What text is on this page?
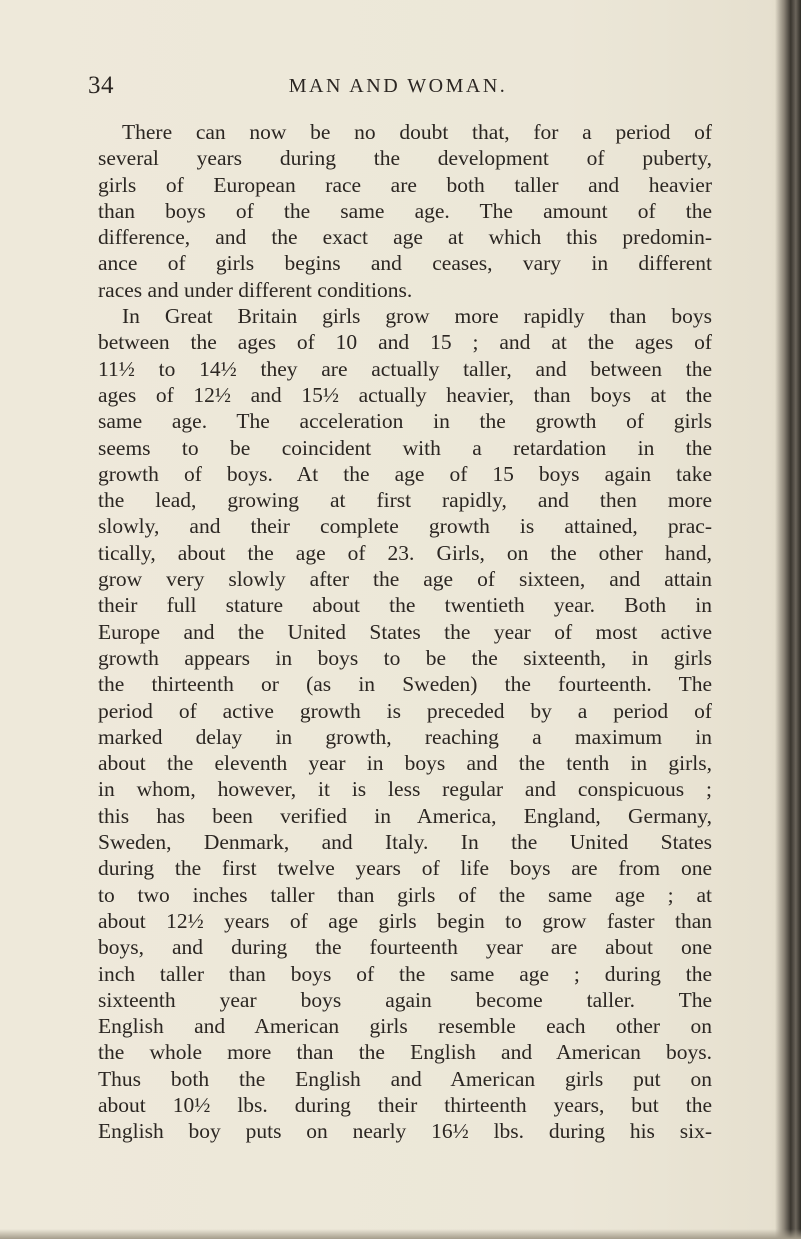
34	MAN AND WOMAN.
There can now be no doubt that, for a period of
several years during the development of puberty,
girls of European race are both taller and heavier
than boys of the same age. The amount of the
difference, and the exact age at which this predomin-
ance of girls begins and ceases, vary in different
races and under different conditions.
In Great Britain girls grow more rapidly than boys
between the ages of 10 and 15 ; and at the ages of
11½ to 14½ they are actually taller, and between the
ages of 12½ and 15½ actually heavier, than boys at the
same age. The acceleration in the growth of girls
seems to be coincident with a retardation in the
growth of boys. At the age of 15 boys again take
the lead, growing at first rapidly, and then more
slowly, and their complete growth is attained, prac-
tically, about the age of 23. Girls, on the other hand,
grow very slowly after the age of sixteen, and attain
their full stature about the twentieth year. Both in
Europe and the United States the year of most active
growth appears in boys to be the sixteenth, in girls
the thirteenth or (as in Sweden) the fourteenth. The
period of active growth is preceded by a period of
marked delay in growth, reaching a maximum in
about the eleventh year in boys and the tenth in girls,
in whom, however, it is less regular and conspicuous ;
this has been verified in America, England, Germany,
Sweden, Denmark, and Italy. In the United States
during the first twelve years of life boys are from one
to two inches taller than girls of the same age ; at
about 12½ years of age girls begin to grow faster than
boys, and during the fourteenth year are about one
inch taller than boys of the same age ; during the
sixteenth year boys again become taller. The
English and American girls resemble each other on
the whole more than the English and American boys.
Thus both the English and American girls put on
about 10½ lbs. during their thirteenth years, but the
English boy puts on nearly 16½ lbs. during his six-
